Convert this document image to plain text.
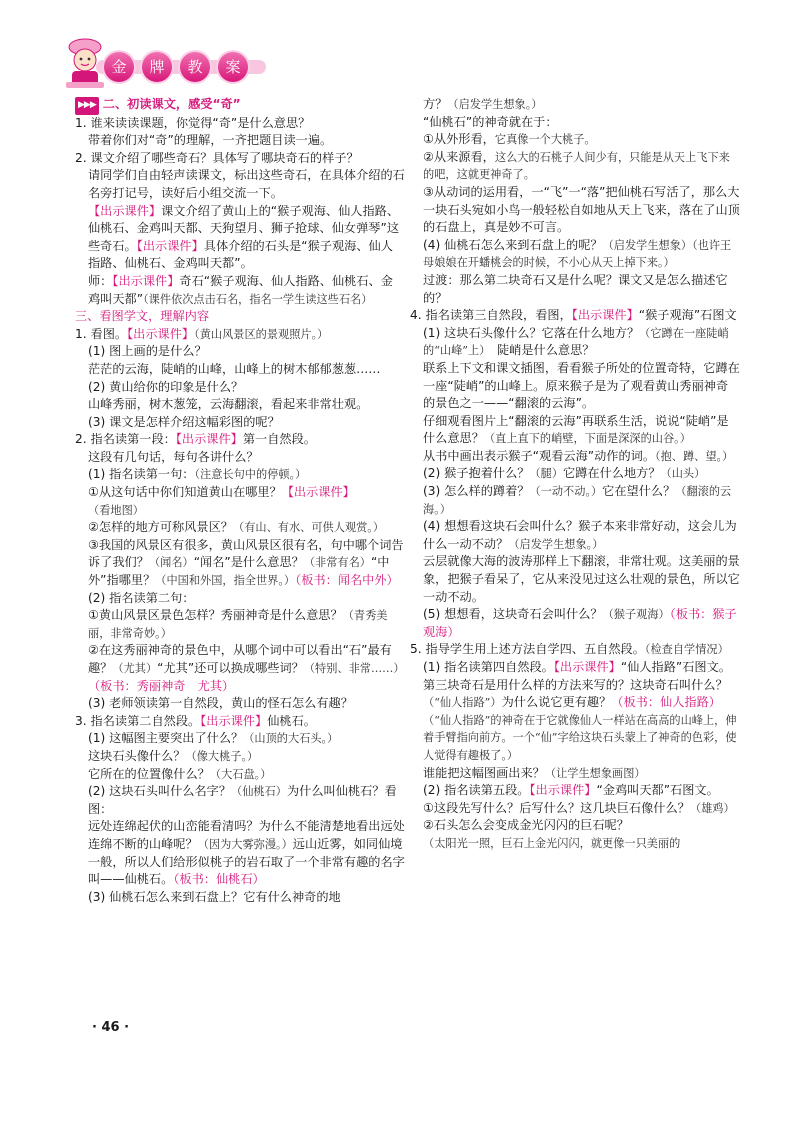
金 牌 教 案

▶▶▶ 二、初读课文，感受“奇”

1. 谁来读读课题，你觉得“奇”是什么意思？

带着你们对“奇”的理解，一齐把题目读一遍。

2. 课文介绍了哪些奇石？具体写了哪块奇石的样子？

请同学们自由轻声读课文，标出这些奇石，在具体介绍的石名旁打记号，读好后小组交流一下。

【出示课件】课文介绍了黄山上的“猴子观海、仙人指路、仙桃石、金鸡叫天都、天狗望月、狮子抢球、仙女弹琴”这些奇石。【出示课件】具体介绍的石头是“猴子观海、仙人指路、仙桃石、金鸡叫天都”。

师：【出示课件】奇石“猴子观海、仙人指路、仙桃石、金鸡叫天都”（课件依次点击石名，指名一学生读这些石名）

三、看图学文，理解内容

1. 看图。【出示课件】（黄山风景区的景观照片。）

(1) 图上画的是什么？

茫茫的云海，陡峭的山峰，山峰上的树木郁郁葱葱……

(2) 黄山给你的印象是什么？

山峰秀丽，树木葱笼，云海翻滚，看起来非常壮观。

(3) 课文是怎样介绍这幅彩图的呢？

2. 指名读第一段：【出示课件】第一自然段。

这段有几句话，每句各讲什么？

(1) 指名读第一句：（注意长句中的停顿。）

①从这句话中你们知道黄山在哪里？【出示课件】（看地图）

②怎样的地方可称风景区？（有山、有水、可供人观赏。）

③我国的风景区有很多，黄山风景区很有名，句中哪个词告诉了我们？（闻名）“闻名”是什么意思？（非常有名）“中外”指哪里？（中国和外国，指全世界。）（板书：闻名中外）

(2) 指名读第二句：

①黄山风景区景色怎样？秀丽神奇是什么意思？（青秀美丽，非常奇妙。）

②在这秀丽神奇的景色中，从哪个词中可以看出“石”最有趣？（尤其）“尤其”还可以换成哪些词？（特别、非常……）（板书：秀丽神奇　尤其）

(3) 老师领读第一自然段，黄山的怪石怎么有趣？

3. 指名读第二自然段。【出示课件】仙桃石。

(1) 这幅图主要突出了什么？（山顶的大石头。）

这块石头像什么？（像大桃子。）

它所在的位置像什么？（大石盘。）

(2) 这块石头叫什么名字？（仙桃石）为什么叫仙桃石？看图：

远处连绵起伏的山峦能看清吗？为什么不能清楚地看出远处连绵不断的山峰呢？（因为大雾弥漫。）远山近雾，如同仙境一般，所以人们给形似桃子的岩石取了一个非常有趣的名字叫——仙桃石。（板书：仙桃石）

(3) 仙桃石怎么来到石盘上？它有什么神奇的地

方？（启发学生想象。）

“仙桃石”的神奇就在于：

①从外形看，它真像一个大桃子。

②从来源看，这么大的石桃子人间少有，只能是从天上飞下来的吧，这就更神奇了。

③从动词的运用看，一“飞”一“落”把仙桃石写活了，那么大一块石头宛如小鸟一般轻松自如地从天上飞来，落在了山顶的石盘上，真是妙不可言。

(4) 仙桃石怎么来到石盘上的呢？（启发学生想象）（也许王母娘娘在开蟠桃会的时候，不小心从天上掉下来。）

过渡：那么第二块奇石又是什么呢？课文又是怎么描述它的？

4. 指名读第三自然段，看图，【出示课件】“猴子观海”石图文

(1) 这块石头像什么？它落在什么地方？（它蹲在一座陡峭的“山峰”上）　陡峭是什么意思？

联系上下文和课文插图，看看猴子所处的位置奇特，它蹲在一座“陡峭”的山峰上。原来猴子是为了观看黄山秀丽神奇的景色之一——“翻滚的云海”。

仔细观看图片上“翻滚的云海”再联系生活，说说“陡峭”是什么意思？（直上直下的峭壁，下面是深深的山谷。）

从书中画出表示猴子“观看云海”动作的词。（抱、蹲、望。）

(2) 猴子抱着什么？（腿）它蹲在什么地方？（山头）

(3) 怎么样的蹲着？（一动不动。）它在望什么？（翻滚的云海。）

(4) 想想看这块石会叫什么？猴子本来非常好动，这会儿为什么一动不动？（启发学生想象。）

云层就像大海的波涛那样上下翻滚，非常壮观。这美丽的景象，把猴子看呆了，它从来没见过这么壮观的景色，所以它一动不动。

(5) 想想看，这块奇石会叫什么？（猴子观海）（板书：猴子观海）

5. 指导学生用上述方法自学四、五自然段。（检查自学情况）

(1) 指名读第四自然段。【出示课件】“仙人指路”石图文。

第三块奇石是用什么样的方法来写的？这块奇石叫什么？（“仙人指路”）为什么说它更有趣？（板书：仙人指路）

（“仙人指路”的神奇在于它就像仙人一样站在高高的山峰上，伸着手臂指向前方。一个“仙”字给这块石头蒙上了神奇的色彩，使人觉得有趣极了。）

谁能把这幅图画出来？（让学生想象画图）

(2) 指名读第五段。【出示课件】“金鸡叫天都”石图文。

①这段先写什么？后写什么？这几块巨石像什么？（雄鸡）

②石头怎么会变成金光闪闪的巨石呢？

（太阳光一照，巨石上金光闪闪，就更像一只美丽的

· 46 ·
